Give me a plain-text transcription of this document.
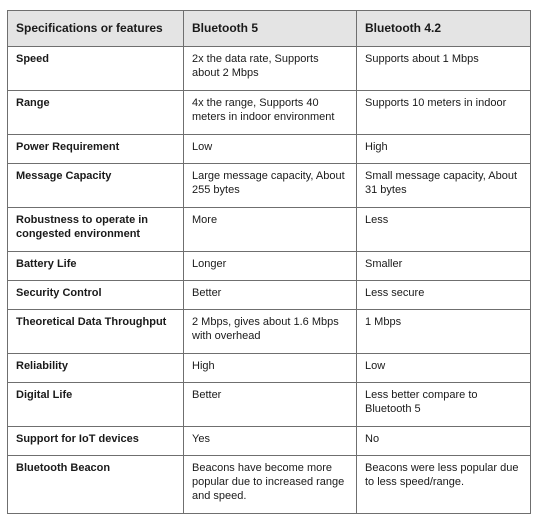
Specifications or features	Bluetooth 5	Bluetooth 4.2
Speed	2x the data rate, Supports about 2 Mbps	Supports about 1 Mbps
Range	4x the range, Supports 40 meters in indoor environment	Supports 10 meters in indoor
Power Requirement	Low	High
Message Capacity	Large message capacity, About 255 bytes	Small message capacity, About 31 bytes
Robustness to operate in congested environment	More	Less
Battery Life	Longer	Smaller
Security Control	Better	Less secure
Theoretical Data Throughput	2 Mbps, gives about 1.6 Mbps with overhead	1 Mbps
Reliability	High	Low
Digital Life	Better	Less better compare to Bluetooth 5
Support for IoT devices	Yes	No
Bluetooth Beacon	Beacons have become more popular due to increased range and speed.	Beacons were less popular due to less speed/range.
